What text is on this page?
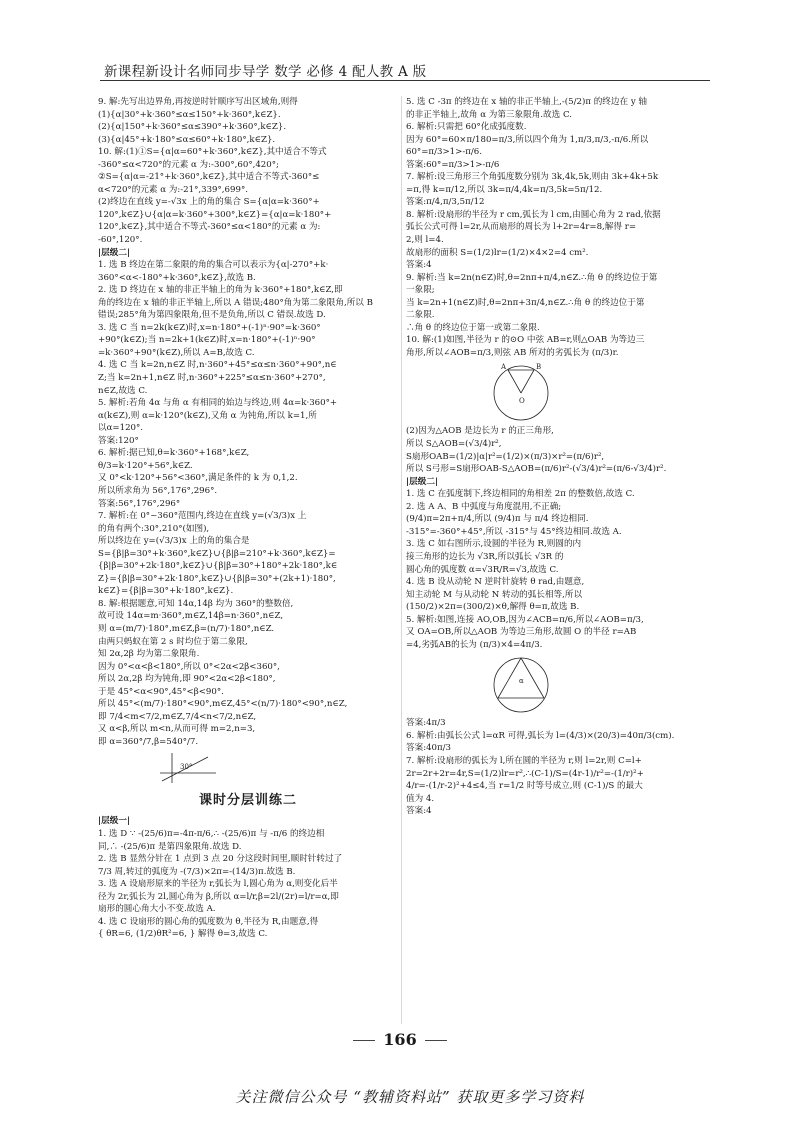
新课程新设计名师同步导学 数学 必修 4 配人教 A 版
9. 解:先写出边界角,再按逆时针顺序写出区域角,则得
(1){α|30°+k·360°≤α≤150°+k·360°,k∈Z}.
(2){α|150°+k·360°≤α≤390°+k·360°,k∈Z}.
(3){α|45°+k·180°≤α≤60°+k·180°,k∈Z}.
10. 解:(1)①S={α|α=60°+k·360°,k∈Z},其中适合不等式
-360°≤α<720°的元素 α 为:-300°,60°,420°;
②S={α|α=-21°+k·360°,k∈Z},其中适合不等式-360°≤
α<720°的元素 α 为:-21°,339°,699°.
(2)终边在直线 y=-√3x 上的角的集合 S={α|α=k·360°+
120°,k∈Z}∪{α|α=k·360°+300°,k∈Z}={α|α=k·180°+
120°,k∈Z},其中适合不等式-360°≤α<180°的元素 α 为:
-60°,120°.
|层级二|
1. 选 B 终边在第二象限的角的集合可以表示为{α|-270°+k·
360°<α<-180°+k·360°,k∈Z},故选 B.
2. 选 D 终边在 x 轴的非正半轴上的角为 k·360°+180°,k∈Z,即
角的终边在 x 轴的非正半轴上,所以 A 错误;480°角为第二象限角,所以 B
错误;285°角为第四象限角,但不是负角,所以 C 错误.故选 D.
3. 选 C 当 n=2k(k∈Z)时,x=n·180°+(-1)ⁿ·90°=k·360°
+90°(k∈Z);当 n=2k+1(k∈Z)时,x=n·180°+(-1)ⁿ·90°
=k·360°+90°(k∈Z),所以 A=B,故选 C.
4. 选 C 当 k=2n,n∈Z 时,n·360°+45°≤α≤n·360°+90°,n∈
Z;当 k=2n+1,n∈Z 时,n·360°+225°≤α≤n·360°+270°,
n∈Z,故选 C.
5. 解析:若角 4α 与角 α 有相同的始边与终边,则 4α=k·360°+
α(k∈Z),则 α=k·120°(k∈Z),又角 α 为钝角,所以 k=1,所
以α=120°.
答案:120°
6. 解析:据已知,θ=k·360°+168°,k∈Z,
θ/3=k·120°+56°,k∈Z.
又 0°<k·120°+56°<360°,满足条件的 k 为 0,1,2.
所以所求角为 56°,176°,296°.
答案:56°,176°,296°
7. 解析:在 0°~360°范围内,终边在直线 y=(√3/3)x 上
的角有两个:30°,210°(如图),
所以终边在 y=(√3/3)x 上的角的集合是
S={β|β=30°+k·360°,k∈Z}∪{β|β=210°+k·360°,k∈Z}=
{β|β=30°+2k·180°,k∈Z}∪{β|β=30°+180°+2k·180°,k∈
Z}={β|β=30°+2k·180°,k∈Z}∪{β|β=30°+(2k+1)·180°,
k∈Z}={β|β=30°+k·180°,k∈Z}.
8. 解:根据题意,可知 14α,14β 均为 360°的整数倍,
故可设 14α=m·360°,m∈Z,14β=n·360°,n∈Z,
则 α=(m/7)·180°,m∈Z,β=(n/7)·180°,n∈Z.
由两只蚂蚁在第 2 s 时均位于第二象限,
知 2α,2β 均为第二象限角.
因为 0°<α<β<180°,所以 0°<2α<2β<360°,
所以 2α,2β 均为钝角,即 90°<2α<2β<180°,
于是 45°<α<90°,45°<β<90°.
所以 45°<(m/7)·180°<90°,m∈Z,45°<(n/7)·180°<90°,n∈Z,
即 7/4<m<7/2,m∈Z,7/4<n<7/2,n∈Z,
又 α<β,所以 m<n,从而可得 m=2,n=3,
即 α=360°/7,β=540°/7.
30°
课时分层训练二
|层级一|
1. 选 D ∵ -(25/6)π=-4π-π/6,∴ -(25/6)π 与 -π/6 的终边相
同,∴ -(25/6)π 是第四象限角.故选 D.
2. 选 B 显然分针在 1 点到 3 点 20 分这段时间里,顺时针转过了
7/3 周,转过的弧度为 -(7/3)×2π=-(14/3)π.故选 B.
3. 选 A 设扇形原来的半径为 r,弧长为 l,圆心角为 α,则变化后半
径为 2r,弧长为 2l,圆心角为 β,所以 α=l/r,β=2l/(2r)=l/r=α,即
扇形的圆心角大小不变.故选 A.
4. 选 C 设扇形的圆心角的弧度数为 θ,半径为 R,由题意,得
{ θR=6, (1/2)θR²=6, } 解得 θ=3,故选 C.
5. 选 C -3π 的终边在 x 轴的非正半轴上,-(5/2)π 的终边在 y 轴
的非正半轴上,故角 α 为第三象限角.故选 C.
6. 解析:只需把 60°化成弧度数.
因为 60°=60×π/180=π/3,所以四个角为 1,π/3,π/3,-π/6.所以
60°=π/3>1>-π/6.
答案:60°=π/3>1>-π/6
7. 解析:设三角形三个角弧度数分别为 3k,4k,5k,则由 3k+4k+5k
=π,得 k=π/12,所以 3k=π/4,4k=π/3,5k=5π/12.
答案:π/4,π/3,5π/12
8. 解析:设扇形的半径为 r cm,弧长为 l cm,由圆心角为 2 rad,依据
弧长公式可得 l=2r,从而扇形的周长为 l+2r=4r=8,解得 r=
2,则 l=4.
故扇形的面积 S=(1/2)lr=(1/2)×4×2=4 cm².
答案:4
9. 解析:当 k=2n(n∈Z)时,θ=2nπ+π/4,n∈Z.∴角 θ 的终边位于第
一象限;
当 k=2n+1(n∈Z)时,θ=2nπ+3π/4,n∈Z.∴角 θ 的终边位于第
二象限.
∴角 θ 的终边位于第一或第二象限.
10. 解:(1)如图,半径为 r 的⊙O 中弦 AB=r,则△OAB 为等边三
角形,所以∠AOB=π/3,则弦 AB 所对的劣弧长为 (π/3)r.
A	B
O
(2)因为△AOB 是边长为 r 的正三角形,
所以 S△AOB=(√3/4)r²,
S扇形OAB=(1/2)|α|r²=(1/2)×(π/3)×r²=(π/6)r²,
所以 S弓形=S扇形OAB-S△AOB=(π/6)r²-(√3/4)r²=(π/6-√3/4)r².
|层级二|
1. 选 C 在弧度制下,终边相同的角相差 2π 的整数倍,故选 C.
2. 选 A A、B 中弧度与角度混用,不正确;
(9/4)π=2π+π/4,所以 (9/4)π 与 π/4 终边相同.
-315°=-360°+45°,所以 -315°与 45°终边相同.故选 A.
3. 选 C 如右图所示,设圆的半径为 R,则圆的内
接三角形的边长为 √3R,所以弧长 √3R 的
圆心角的弧度数 α=√3R/R=√3,故选 C.
4. 选 B 设从动轮 N 逆时针旋转 θ rad,由题意,
知主动轮 M 与从动轮 N 转动的弧长相等,所以
(150/2)×2π=(300/2)×θ,解得 θ=π,故选 B.
5. 解析:如图,连接 AO,OB,因为∠ACB=π/6,所以∠AOB=π/3,
又 OA=OB,所以△AOB 为等边三角形,故圆 O 的半径 r=AB
=4,劣弧AB的长为 (π/3)×4=4π/3.
α
答案:4π/3
6. 解析:由弧长公式 l=αR 可得,弧长为 l=(4/3)×(20/3)=40π/3(cm).
答案:40π/3
7. 解析:设扇形的弧长为 l,所在圆的半径为 r,则 l=2r,则 C=l+
2r=2r+2r=4r,S=(1/2)lr=r²,∴(C-1)/S=(4r-1)/r²=-(1/r)²+
4/r=-(1/r-2)²+4≤4,当 r=1/2 时等号成立,则 (C-1)/S 的最大
值为 4.
答案:4
166
关注微信公众号 “教辅资料站” 获取更多学习资料
